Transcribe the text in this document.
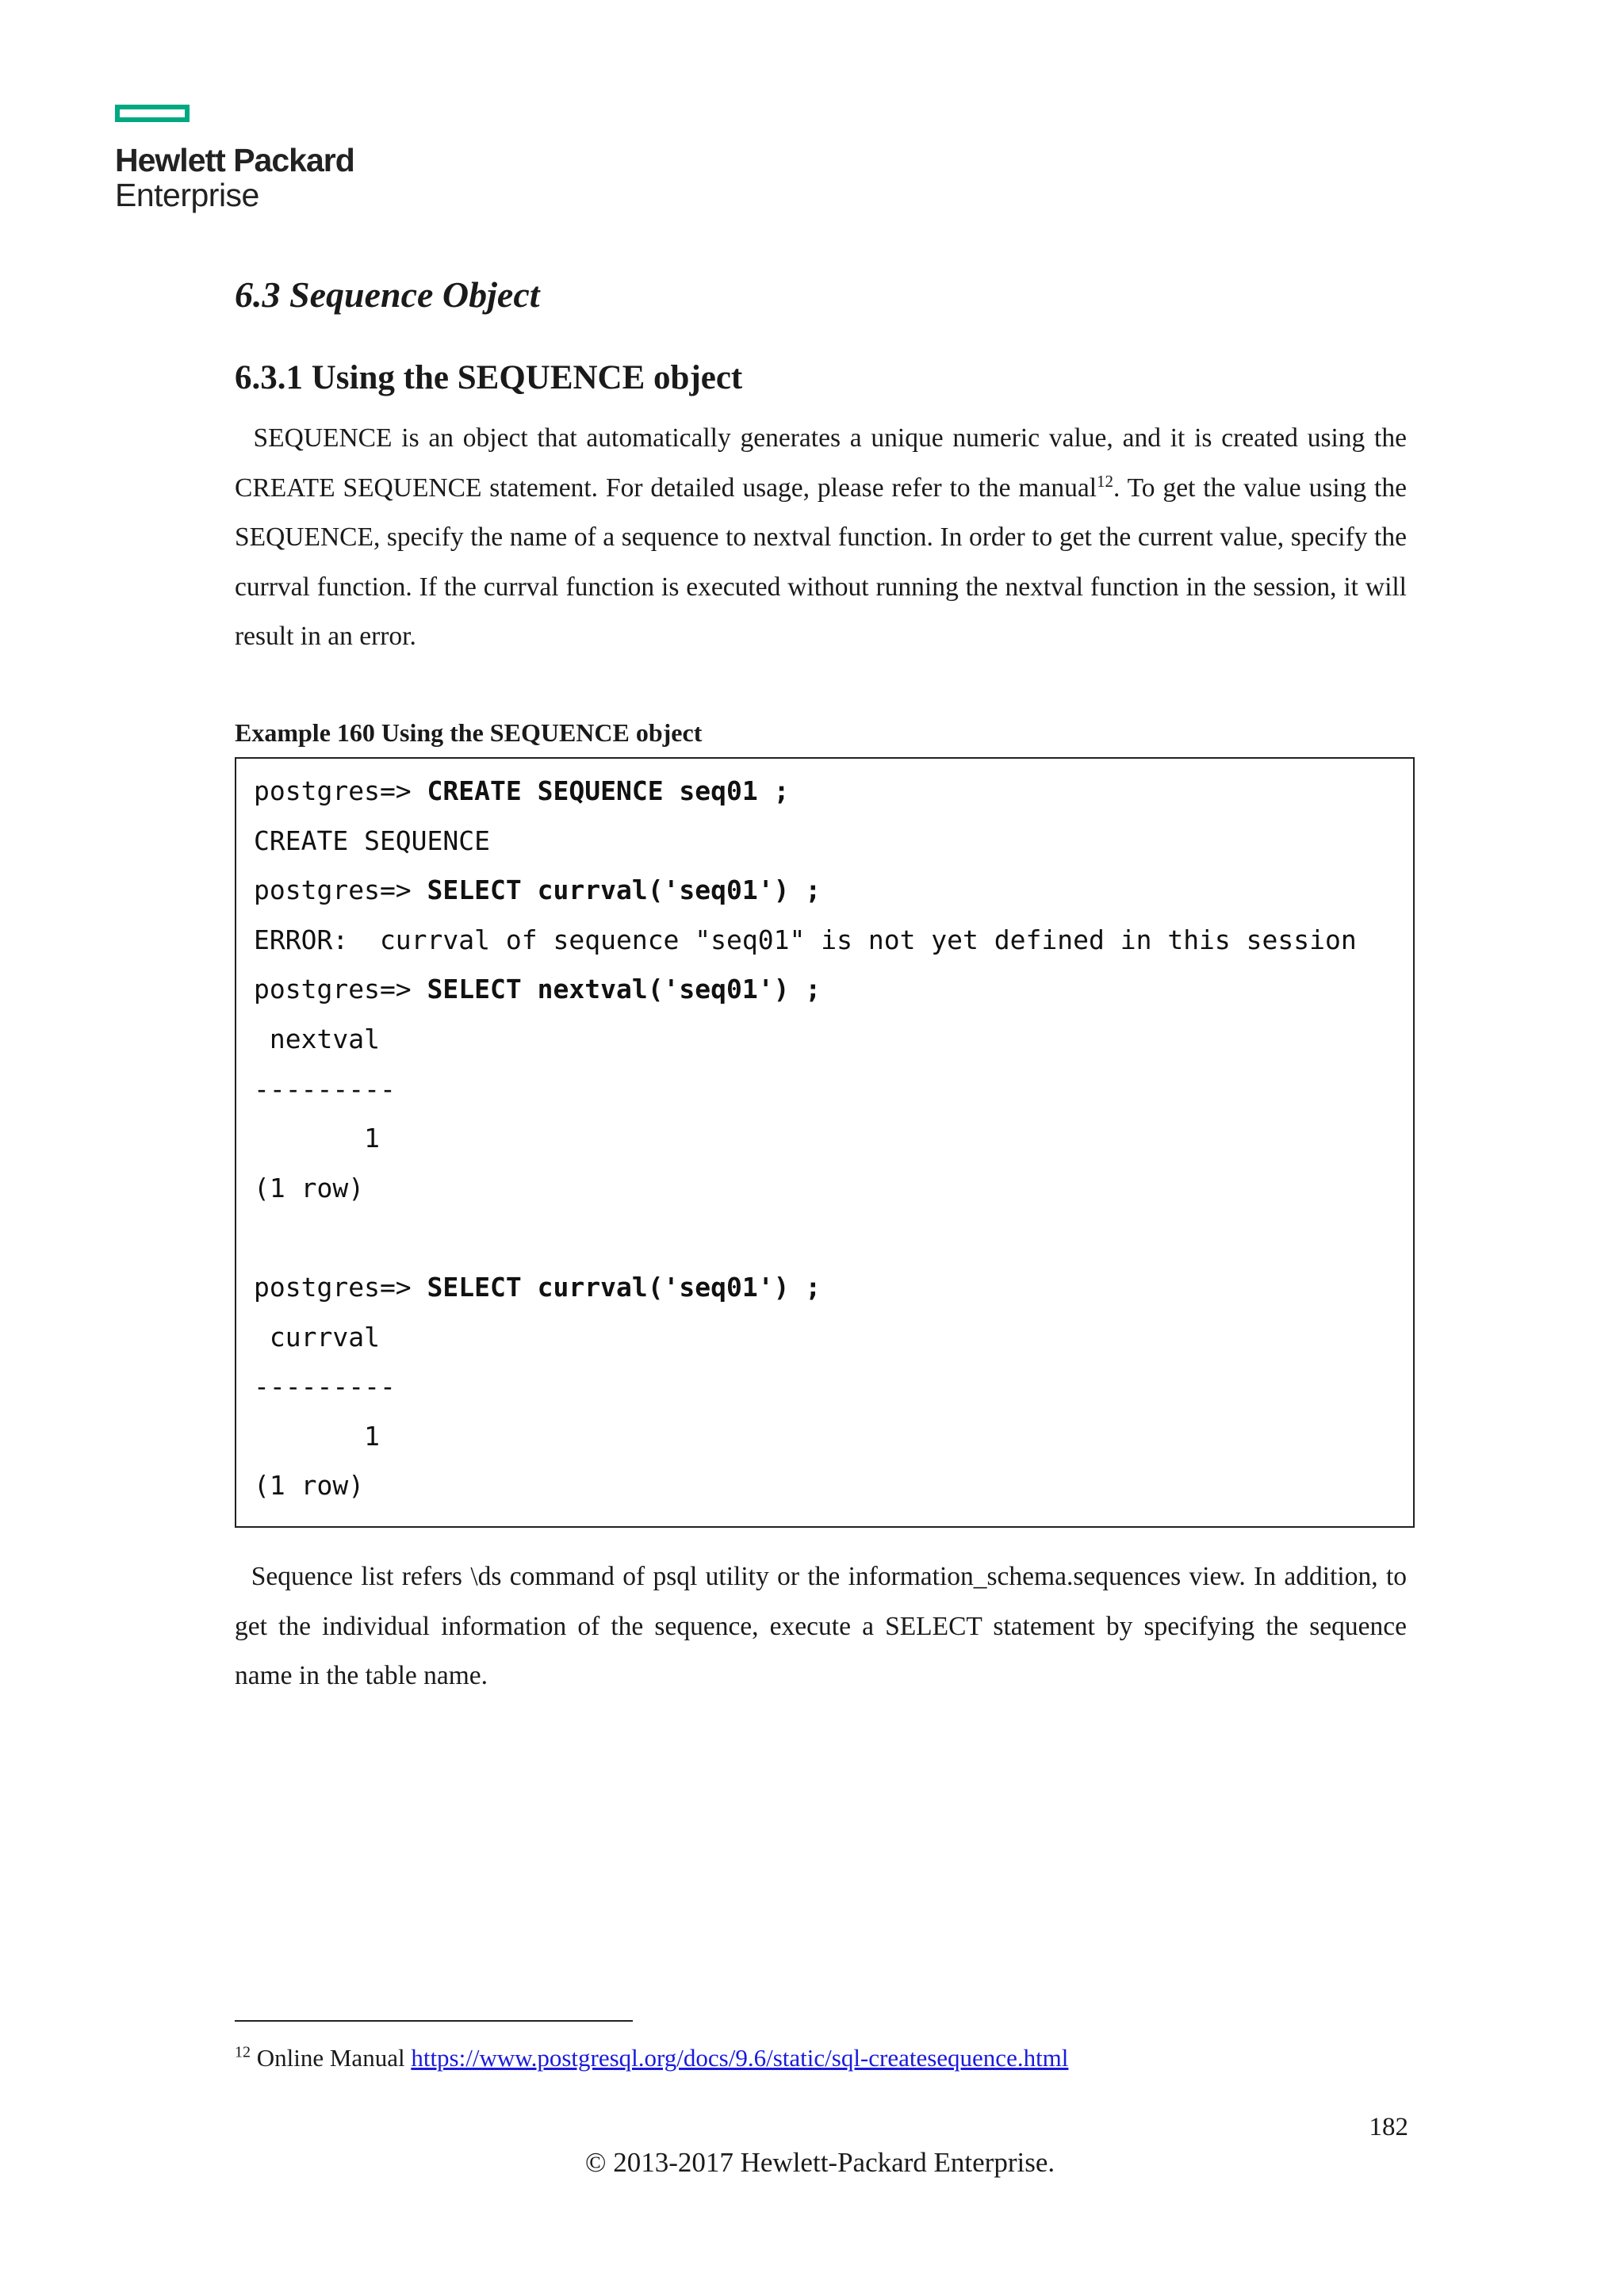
Hewlett Packard
Enterprise
6.3 Sequence Object
6.3.1 Using the SEQUENCE object
SEQUENCE is an object that automatically generates a unique numeric value, and it is created using the CREATE SEQUENCE statement. For detailed usage, please refer to the manual$^{12}$. To get the value using the SEQUENCE, specify the name of a sequence to nextval function. In order to get the current value, specify the currval function. If the currval function is executed without running the nextval function in the session, it will result in an error.
Example 160 Using the SEQUENCE object
postgres=> CREATE SEQUENCE seq01 ;
CREATE SEQUENCE
postgres=> SELECT currval('seq01') ;
ERROR:  currval of sequence "seq01" is not yet defined in this session
postgres=> SELECT nextval('seq01') ;
nextval
---------
1
(1 row)
postgres=> SELECT currval('seq01') ;
currval
---------
1
(1 row)
Sequence list refers \ds command of psql utility or the information_schema.sequences view. In addition, to get the individual information of the sequence, execute a SELECT statement by specifying the sequence name in the table name.
$^{12}$ Online Manual https://www.postgresql.org/docs/9.6/static/sql-createsequence.html
182
© 2013-2017 Hewlett-Packard Enterprise.
